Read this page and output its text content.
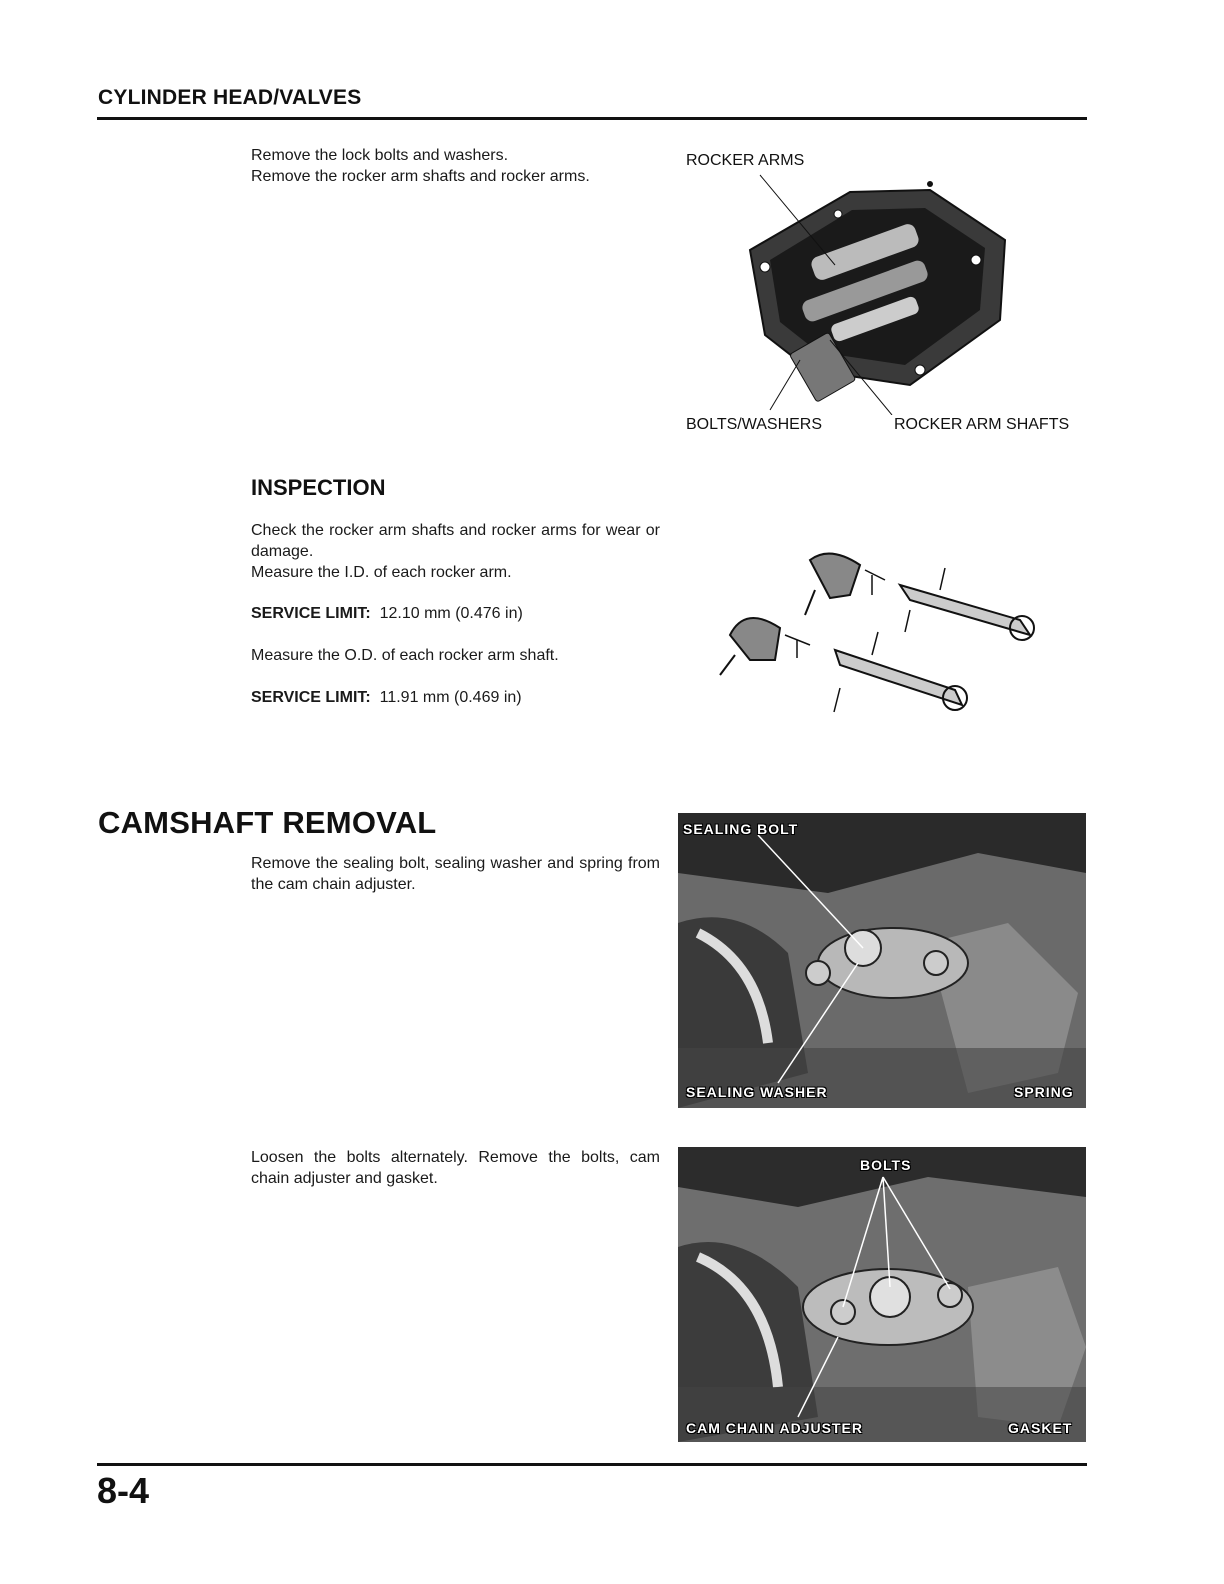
CYLINDER HEAD/VALVES
Remove the lock bolts and washers.
Remove the rocker arm shafts and rocker arms.
ROCKER ARMS
BOLTS/WASHERS	ROCKER ARM SHAFTS
INSPECTION
Check the rocker arm shafts and rocker arms for wear or damage.
Measure the I.D. of each rocker arm.
SERVICE LIMIT: 12.10 mm (0.476 in)
Measure the O.D. of each rocker arm shaft.
SERVICE LIMIT: 11.91 mm (0.469 in)
CAMSHAFT REMOVAL
Remove the sealing bolt, sealing washer and spring from the cam chain adjuster.
SEALING BOLT
SEALING WASHER	SPRING
Loosen the bolts alternately. Remove the bolts, cam chain adjuster and gasket.
BOLTS
CAM CHAIN ADJUSTER	GASKET
8-4
